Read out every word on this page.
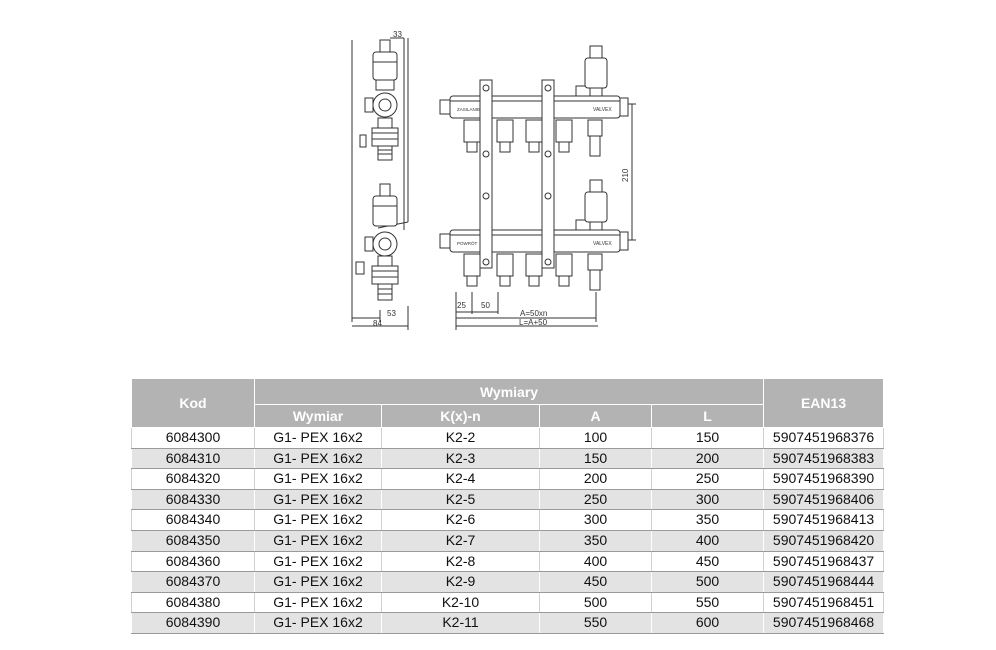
33
53
84
ZASILANIE
POWRÓT
VALVEX
VALVEX
210
25 50
A=50xn
L=A+50
Kod	Wymiary				EAN13
	Wymiar	K(x)-n	A	L	
6084300	G1- PEX 16x2	K2-2	100	150	5907451968376
6084310	G1- PEX 16x2	K2-3	150	200	5907451968383
6084320	G1- PEX 16x2	K2-4	200	250	5907451968390
6084330	G1- PEX 16x2	K2-5	250	300	5907451968406
6084340	G1- PEX 16x2	K2-6	300	350	5907451968413
6084350	G1- PEX 16x2	K2-7	350	400	5907451968420
6084360	G1- PEX 16x2	K2-8	400	450	5907451968437
6084370	G1- PEX 16x2	K2-9	450	500	5907451968444
6084380	G1- PEX 16x2	K2-10	500	550	5907451968451
6084390	G1- PEX 16x2	K2-11	550	600	5907451968468
